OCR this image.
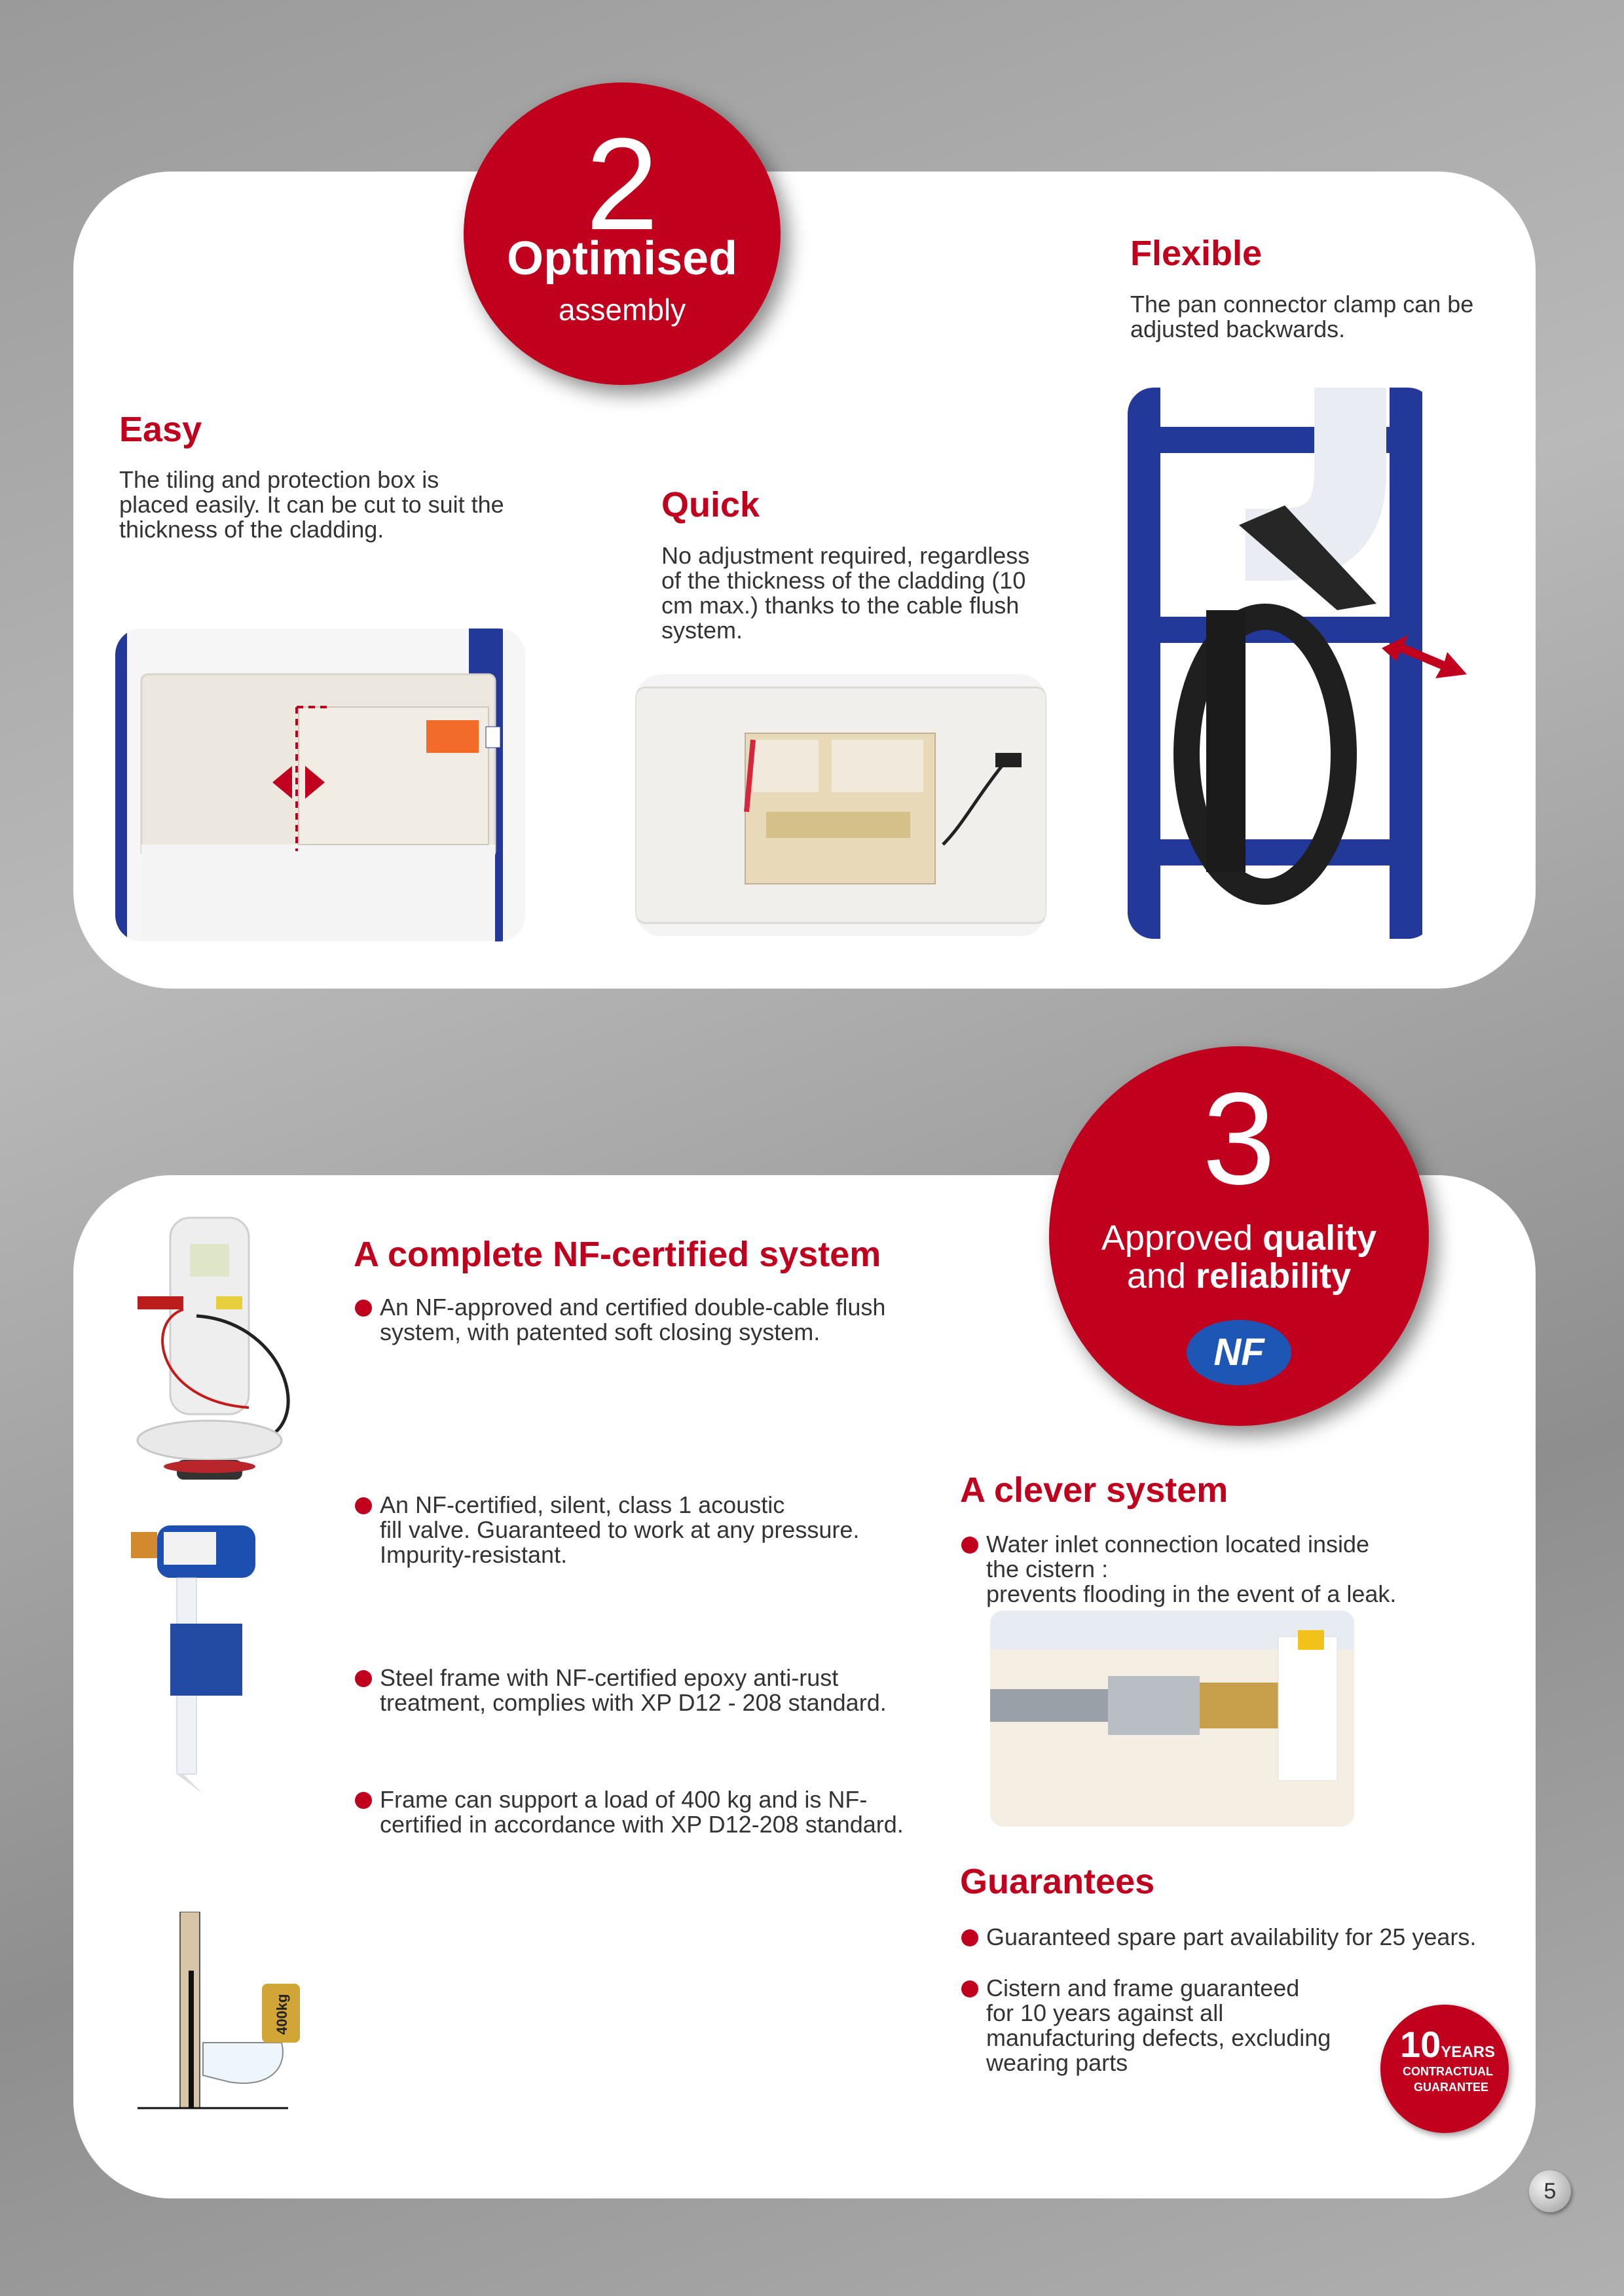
2
Optimised
assembly
Easy
The tiling and protection box is
placed easily. It can be cut to suit the
thickness of the cladding.
Quick
No adjustment required, regardless
of the thickness of the cladding (10
cm max.) thanks to the cable flush
system.
Flexible
The pan connector clamp can be
adjusted backwards.
3
Approved quality
and reliability
NF
400kg
A complete NF-certified system
An NF-approved and certified double-cable flush
system, with patented soft closing system.
An NF-certified, silent, class 1 acoustic
fill valve. Guaranteed to work at any pressure.
Impurity-resistant.
Steel frame with NF-certified epoxy anti-rust
treatment, complies with XP D12 - 208 standard.
Frame can support a load of 400 kg and is NF-
certified in accordance with XP D12-208 standard.
A clever system
Water inlet connection located inside
the cistern :
prevents flooding in the event of a leak.
Guarantees
Guaranteed spare part availability for 25 years.
Cistern and frame guaranteed
for 10 years against all
manufacturing defects, excluding
wearing parts	10YEARS
CONTRACTUAL
GUARANTEE
5
